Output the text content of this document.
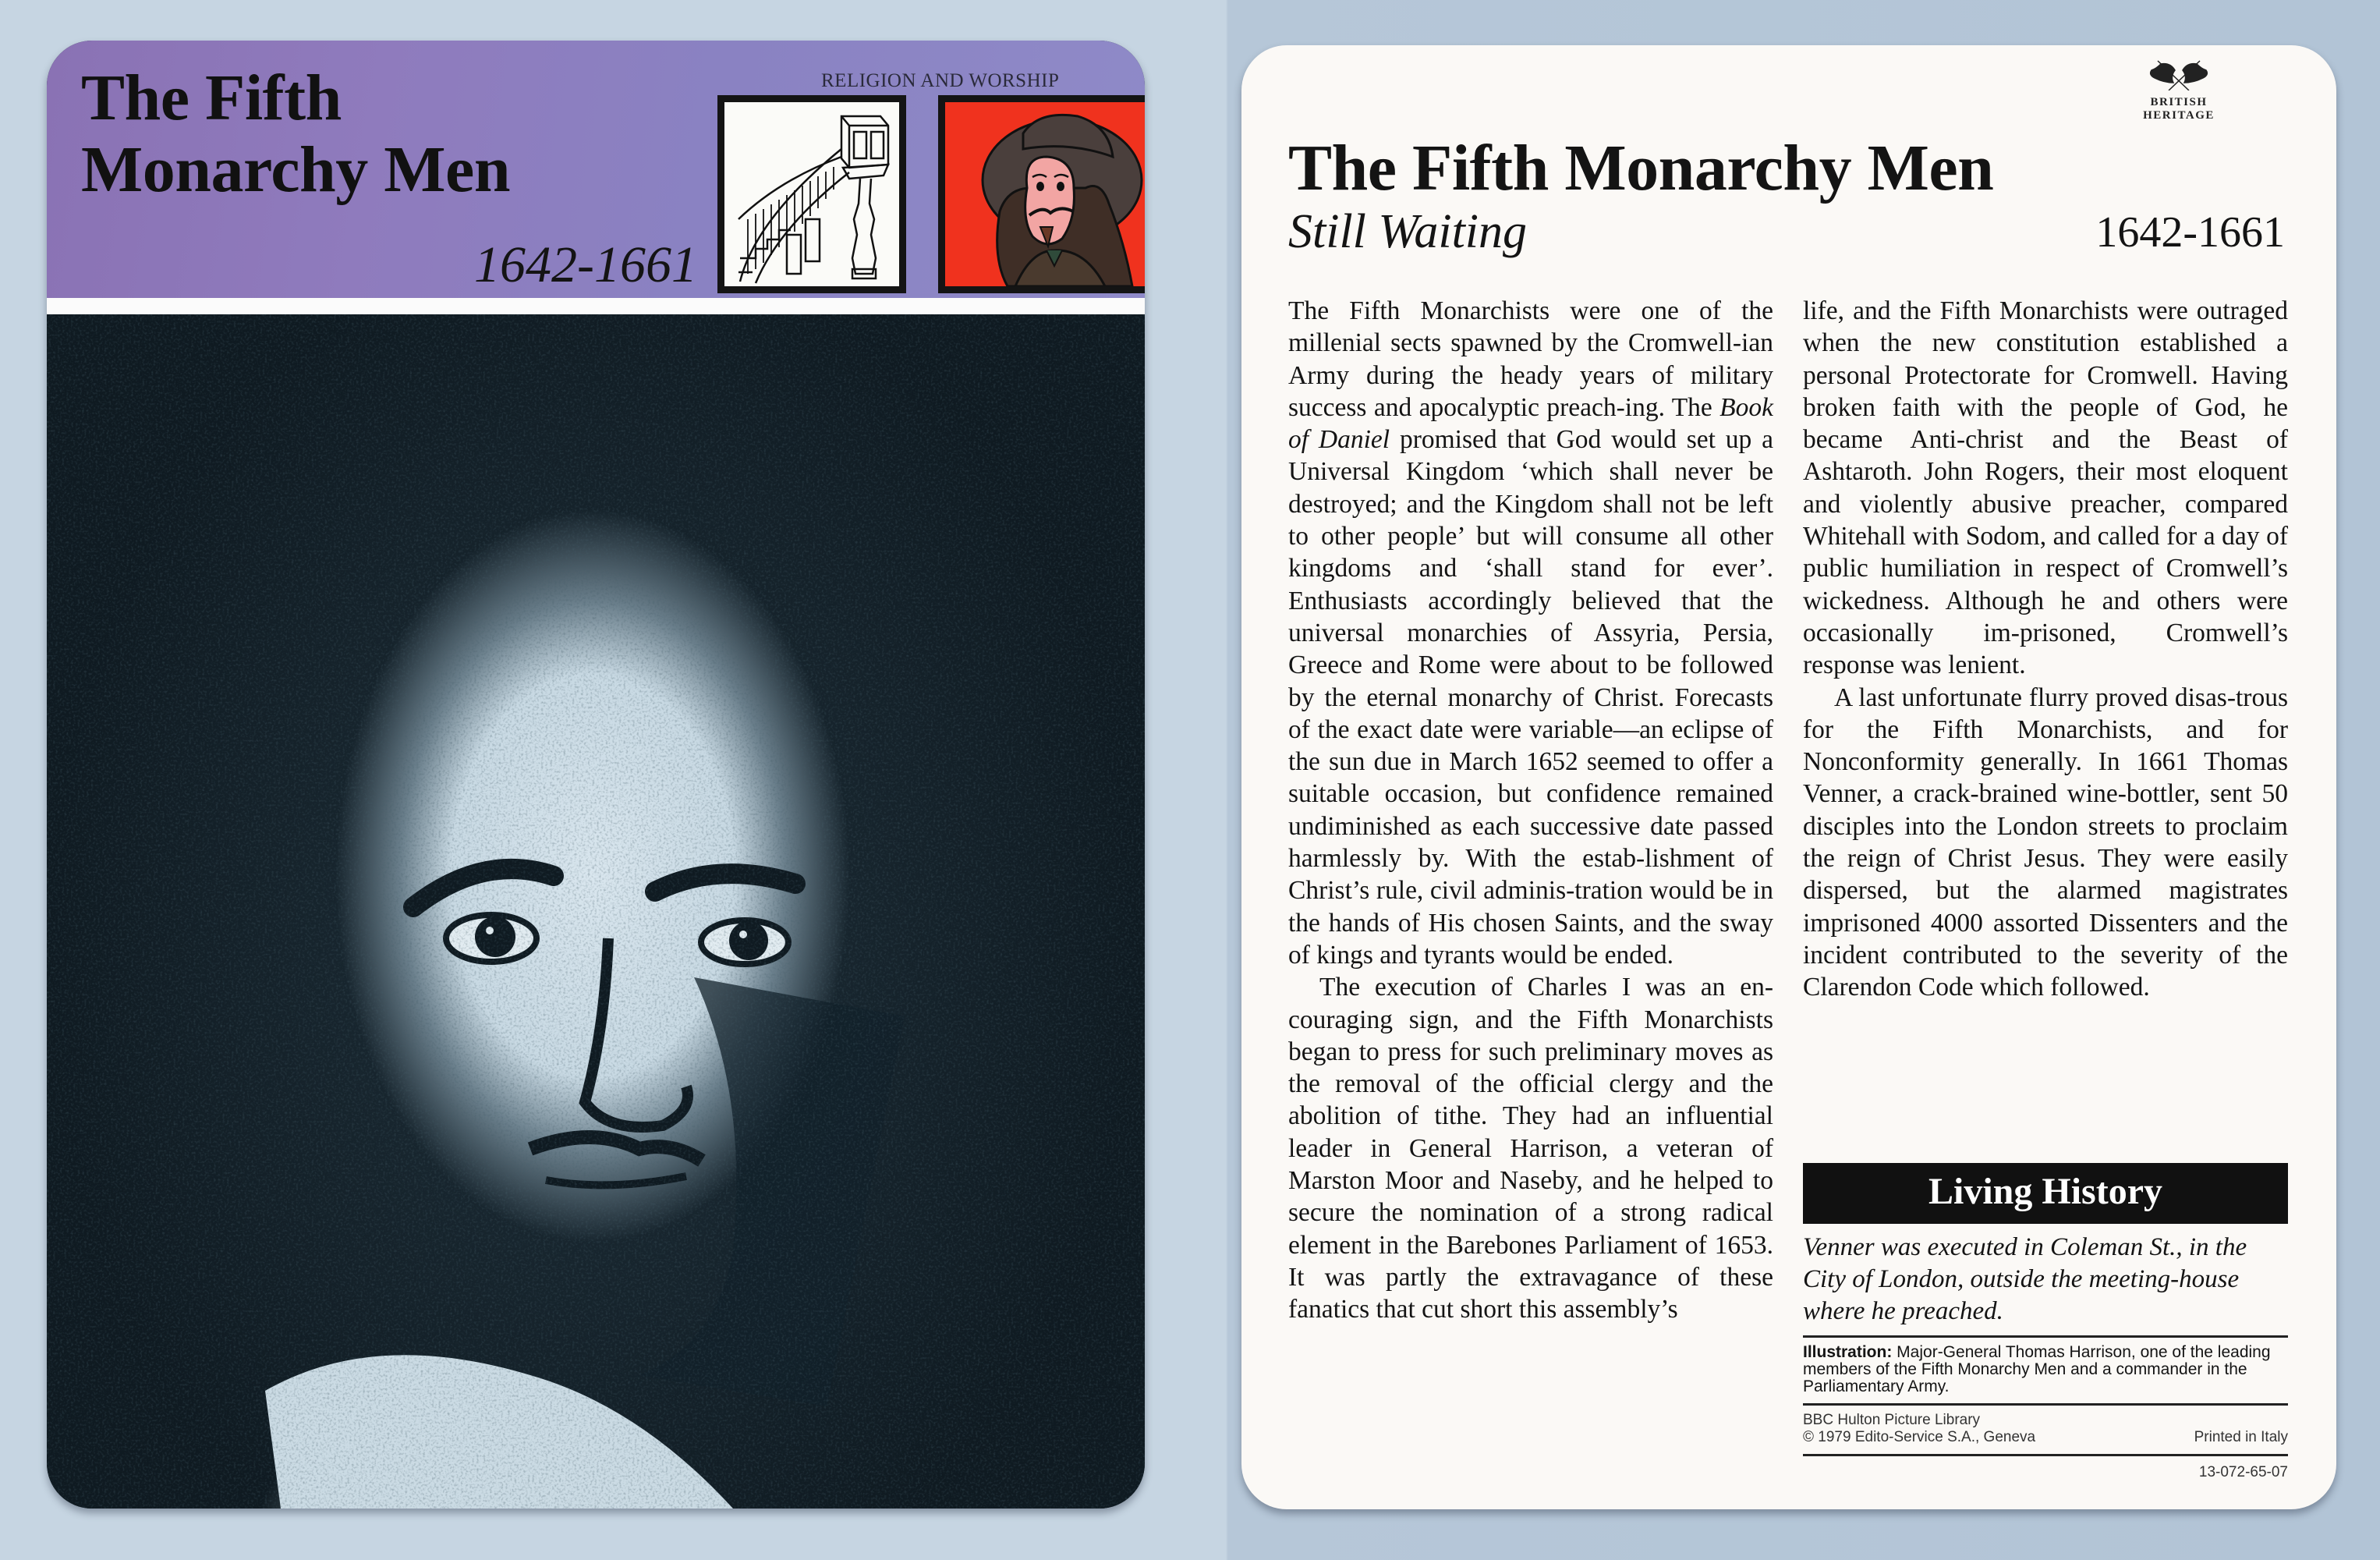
The Fifth
Monarchy Men
1642-1661
RELIGION AND WORSHIP
BRITISH HERITAGE
The Fifth Monarchy Men
Still Waiting	1642-1661

The Fifth Monarchists were one of the millenial sects spawned by the Cromwell-ian Army during the heady years of military success and apocalyptic preach-ing. The Book of Daniel promised that God would set up a Universal Kingdom ‘which shall never be destroyed; and the Kingdom shall not be left to other people’ but will consume all other kingdoms and ‘shall stand for ever’. Enthusiasts accordingly believed that the universal monarchies of Assyria, Persia, Greece and Rome were about to be followed by the eternal monarchy of Christ. Forecasts of the exact date were variable—an eclipse of the sun due in March 1652 seemed to offer a suitable occasion, but confidence remained undiminished as each successive date passed harmlessly by. With the estab-lishment of Christ’s rule, civil adminis-tration would be in the hands of His chosen Saints, and the sway of kings and tyrants would be ended.

The execution of Charles I was an en-couraging sign, and the Fifth Monarchists began to press for such preliminary moves as the removal of the official clergy and the abolition of tithe. They had an influential leader in General Harrison, a veteran of Marston Moor and Naseby, and he helped to secure the nomination of a strong radical element in the Barebones Parliament of 1653. It was partly the extravagance of these fanatics that cut short this assembly’s

life, and the Fifth Monarchists were outraged when the new constitution established a personal Protectorate for Cromwell. Having broken faith with the people of God, he became Anti-christ and the Beast of Ashtaroth. John Rogers, their most eloquent and violently abusive preacher, compared Whitehall with Sodom, and called for a day of public humiliation in respect of Cromwell’s wickedness. Although he and others were occasionally im-prisoned, Cromwell’s response was lenient.

A last unfortunate flurry proved disas-trous for the Fifth Monarchists, and for Nonconformity generally. In 1661 Thomas Venner, a crack-brained wine-bottler, sent 50 disciples into the London streets to proclaim the reign of Christ Jesus. They were easily dispersed, but the alarmed magistrates imprisoned 4000 assorted Dissenters and the incident contributed to the severity of the Clarendon Code which followed.

Living History
Venner was executed in Coleman St., in the City of London, outside the meeting-house where he preached.
Illustration: Major-General Thomas Harrison, one of the leading members of the Fifth Monarchy Men and a commander in the Parliamentary Army.
BBC Hulton Picture Library
© 1979 Edito-Service S.A., Geneva	Printed in Italy
13-072-65-07
